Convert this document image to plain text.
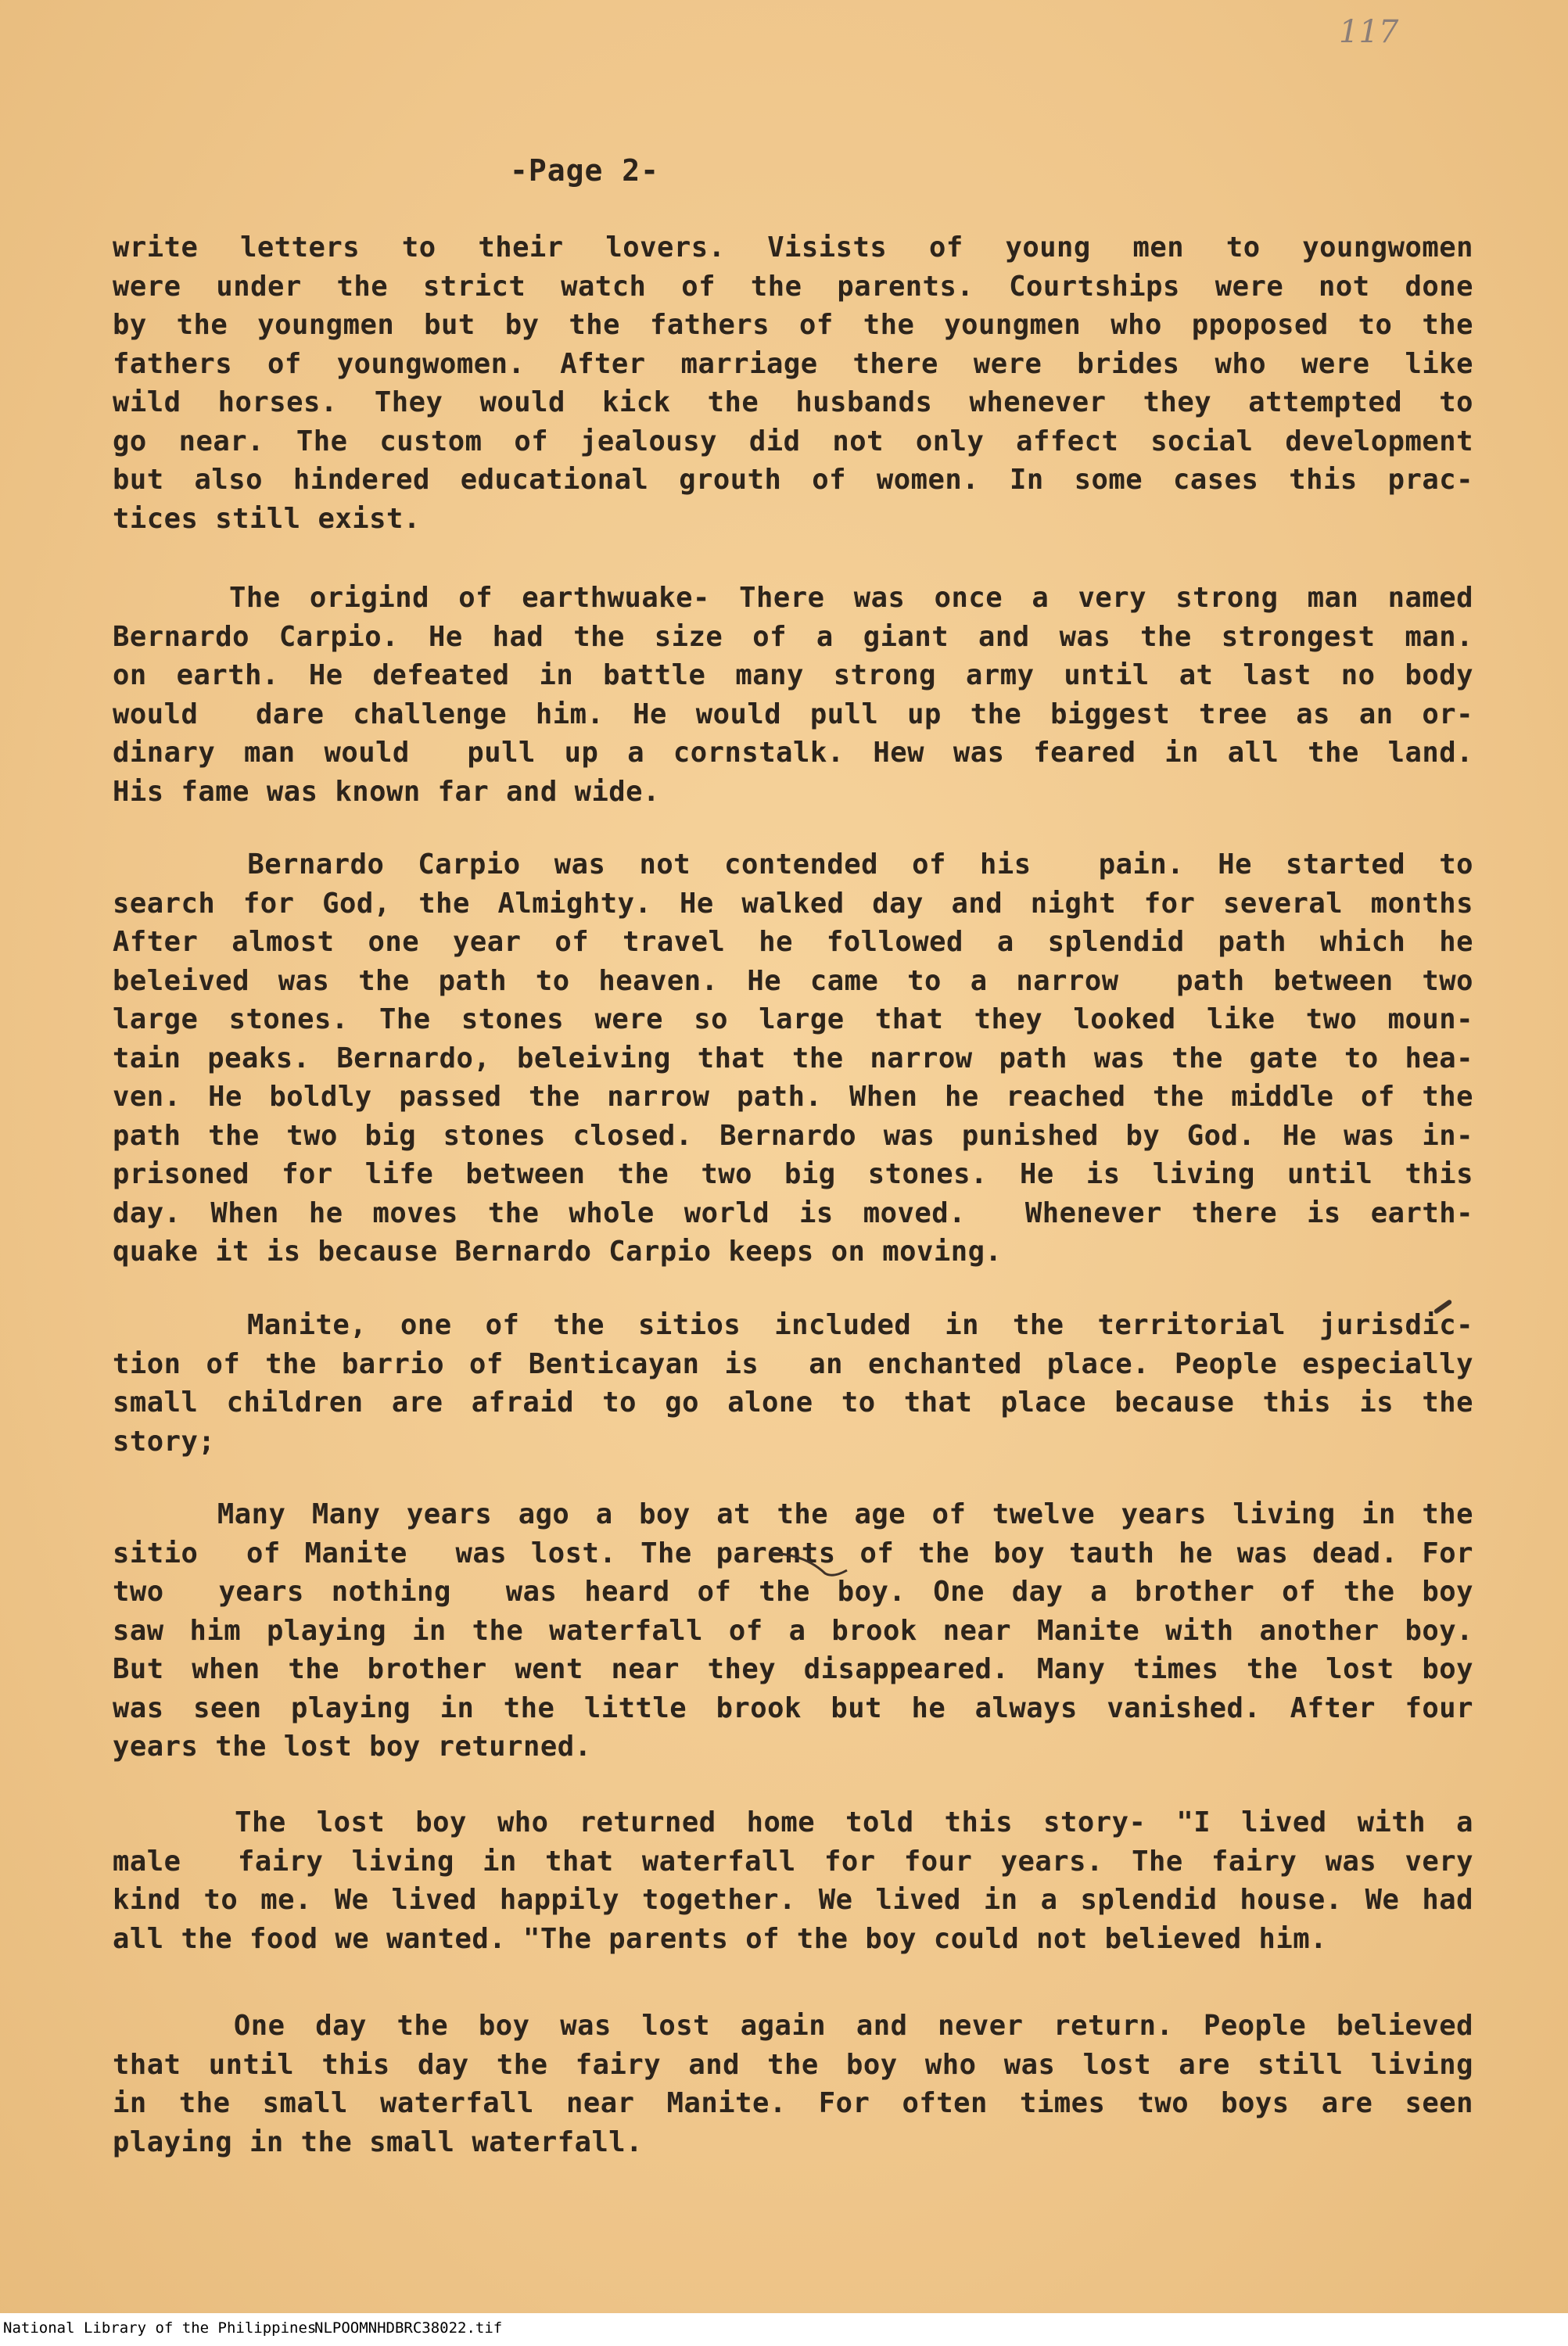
117
-Page 2-
write letters to their lovers. Visists of young men to youngwomen
were under the strict watch of the parents. Courtships were not done
by the youngmen but by the fathers of the youngmen who ppoposed to the
fathers of youngwomen. After marriage there were brides who were like
wild horses. They would kick the husbands whenever they attempted to
go near. The custom of jealousy did not only affect social development
but also hindered educational grouth of women. In some cases this prac-
tices still exist.
The origind of earthwuake- There was once a very strong man named
Bernardo Carpio. He had the size of a giant and was the strongest man.
on earth. He defeated in battle many strong army until at last no body
would  dare challenge him. He would pull up the biggest tree as an or-
dinary man would  pull up a cornstalk. Hew was feared in all the land.
His fame was known far and wide.
Bernardo Carpio was not contended of his  pain. He started to
search for God, the Almighty. He walked day and night for several months
After almost one year of travel he followed a splendid path which he
beleived was the path to heaven. He came to a narrow  path between two
large stones. The stones were so large that they looked like two moun-
tain peaks. Bernardo, beleiving that the narrow path was the gate to hea-
ven. He boldly passed the narrow path. When he reached the middle of the
path the two big stones closed. Bernardo was punished by God. He was in-
prisoned for life between the two big stones. He is living until this
day. When he moves the whole world is moved.  Whenever there is earth-
quake it is because Bernardo Carpio keeps on moving.
Manite, one of the sitios included in the territorial jurisdic-
tion of the barrio of Benticayan is  an enchanted place. People especially
small children are afraid to go alone to that place because this is the
story;
Many Many years ago a boy at the age of twelve years living in the
sitio  of Manite  was lost. The parents of the boy tauth he was dead. For
two  years nothing  was heard of the boy. One day a brother of the boy
saw him playing in the waterfall of a brook near Manite with another boy.
But when the brother went near they disappeared. Many times the lost boy
was seen playing in the little brook but he always vanished. After four
years the lost boy returned.
The lost boy who returned home told this story- "I lived with a
male  fairy living in that waterfall for four years. The fairy was very
kind to me. We lived happily together. We lived in a splendid house. We had
all the food we wanted. "The parents of the boy could not believed him.
One day the boy was lost again and never return. People believed
that until this day the fairy and the boy who was lost are still living
in the small waterfall near Manite. For often times two boys are seen
playing in the small waterfall.
National Library of the Philippines
NLPOOMNHDBRC38022.tif
